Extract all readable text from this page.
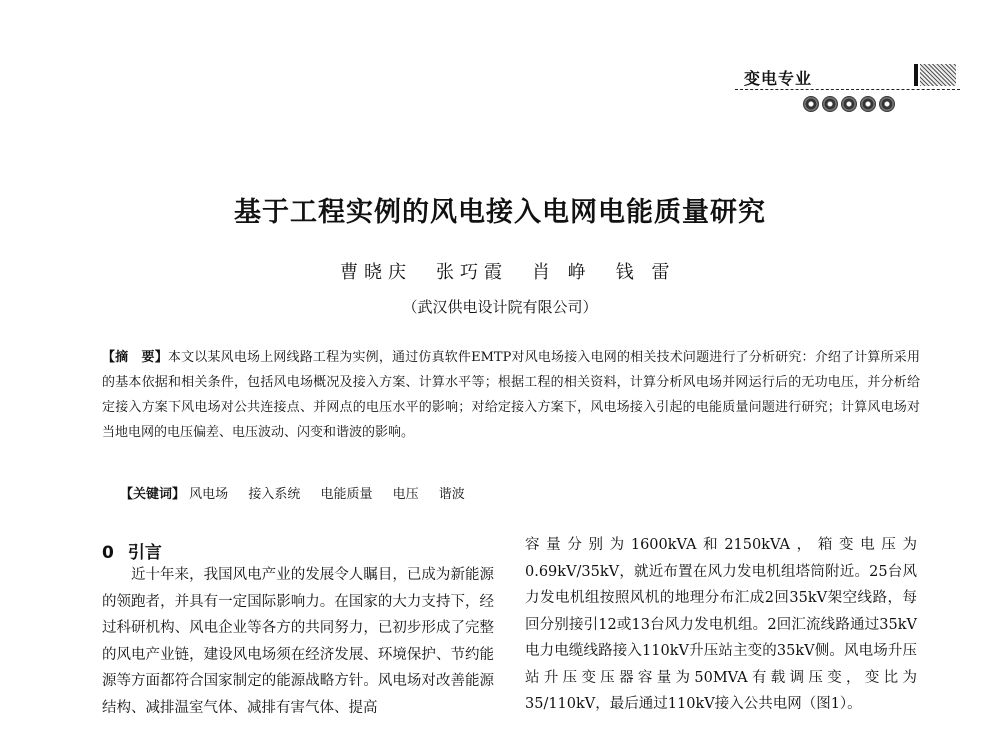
变电专业
基于工程实例的风电接入电网电能质量研究
曹晓庆 张巧霞 肖 峥 钱 雷
（武汉供电设计院有限公司）

【摘　要】本文以某风电场上网线路工程为实例，通过仿真软件EMTP对风电场接入电网的相关技术问题进行了分析研究：介绍了计算所采用的基本依据和相关条件，包括风电场概况及接入方案、计算水平等；根据工程的相关资料，计算分析风电场并网运行后的无功电压，并分析给定接入方案下风电场对公共连接点、并网点的电压水平的影响；对给定接入方案下，风电场接入引起的电能质量问题进行研究；计算风电场对当地电网的电压偏差、电压波动、闪变和谐波的影响。

【关键词】 风电场 接入系统 电能质量 电压 谐波

0 引言

近十年来，我国风电产业的发展令人瞩目，已成为新能源的领跑者，并具有一定国际影响力。在国家的大力支持下，经过科研机构、风电企业等各方的共同努力，已初步形成了完整的风电产业链，建设风电场须在经济发展、环境保护、节约能源等方面都符合国家制定的能源战略方针。风电场对改善能源结构、减排温室气体、减排有害气体、提高

容量分别为1600kVA和2150kVA，箱变电压为0.69kV/35kV，就近布置在风力发电机组塔筒附近。25台风力发电机组按照风机的地理分布汇成2回35kV架空线路，每回分别接引12或13台风力发电机组。2回汇流线路通过35kV电力电缆线路接入110kV升压站主变的35kV侧。风电场升压站升压变压器容量为50MVA有载调压变，变比为35/110kV，最后通过110kV接入公共电网（图1）。
